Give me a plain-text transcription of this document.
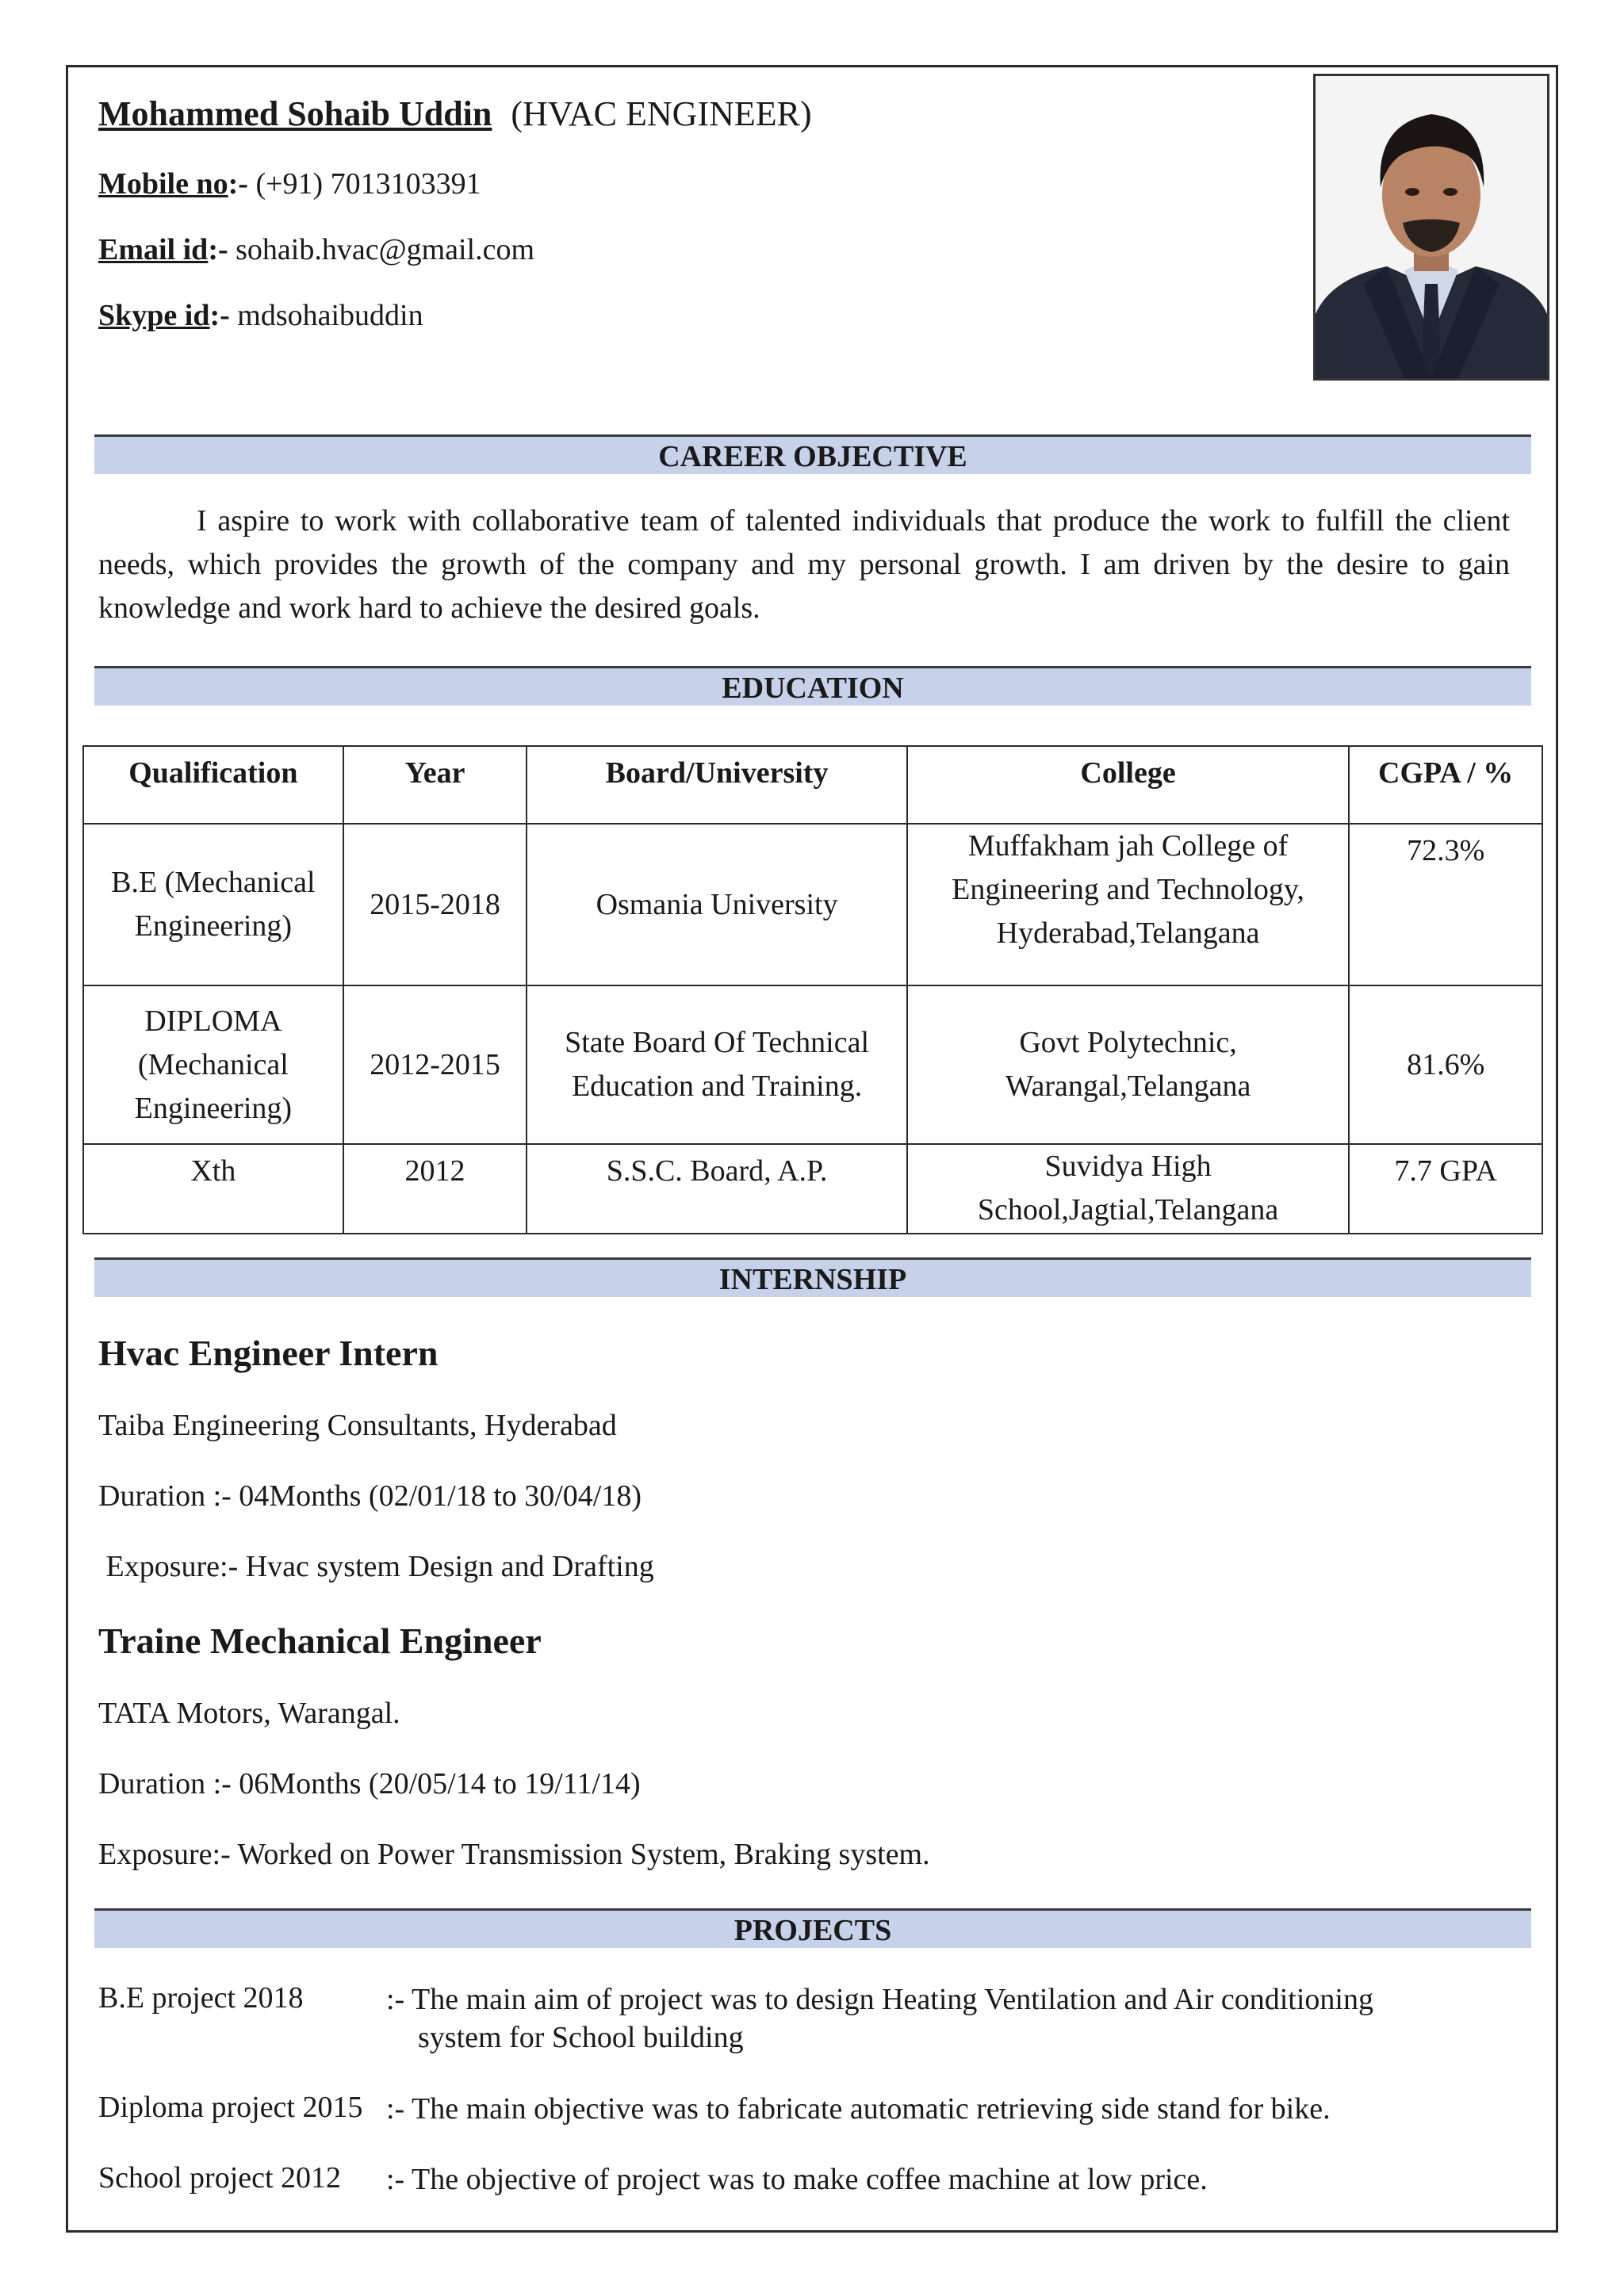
Mohammed Sohaib Uddin (HVAC ENGINEER)
Mobile no:- (+91) 7013103391
Email id:- sohaib.hvac@gmail.com
Skype id:- mdsohaibuddin
CAREER OBJECTIVE
I aspire to work with collaborative team of talented individuals that produce the work to fulfill the client needs, which provides the growth of the company and my personal growth. I am driven by the desire to gain knowledge and work hard to achieve the desired goals.
EDUCATION
Qualification	Year	Board/University	College	CGPA / %
B.E (Mechanical Engineering)	2015-2018	Osmania University	Muffakham jah College of Engineering and Technology, Hyderabad,Telangana	72.3%
DIPLOMA (Mechanical Engineering)	2012-2015	State Board Of Technical Education and Training.	Govt Polytechnic, Warangal,Telangana	81.6%
Xth	2012	S.S.C. Board, A.P.	Suvidya High School,Jagtial,Telangana	7.7 GPA
INTERNSHIP
Hvac Engineer Intern
Taiba Engineering Consultants, Hyderabad
Duration :- 04Months (02/01/18 to 30/04/18)
Exposure:- Hvac system Design and Drafting
Traine Mechanical Engineer
TATA Motors, Warangal.
Duration :- 06Months (20/05/14 to 19/11/14)
Exposure:- Worked on Power Transmission System, Braking system.
PROJECTS
B.E project 2018	:- The main aim of project was to design Heating Ventilation and Air conditioning
system for School building
Diploma project 2015 :- The main objective was to fabricate automatic retrieving side stand for bike.
School project 2012 :- The objective of project was to make coffee machine at low price.
